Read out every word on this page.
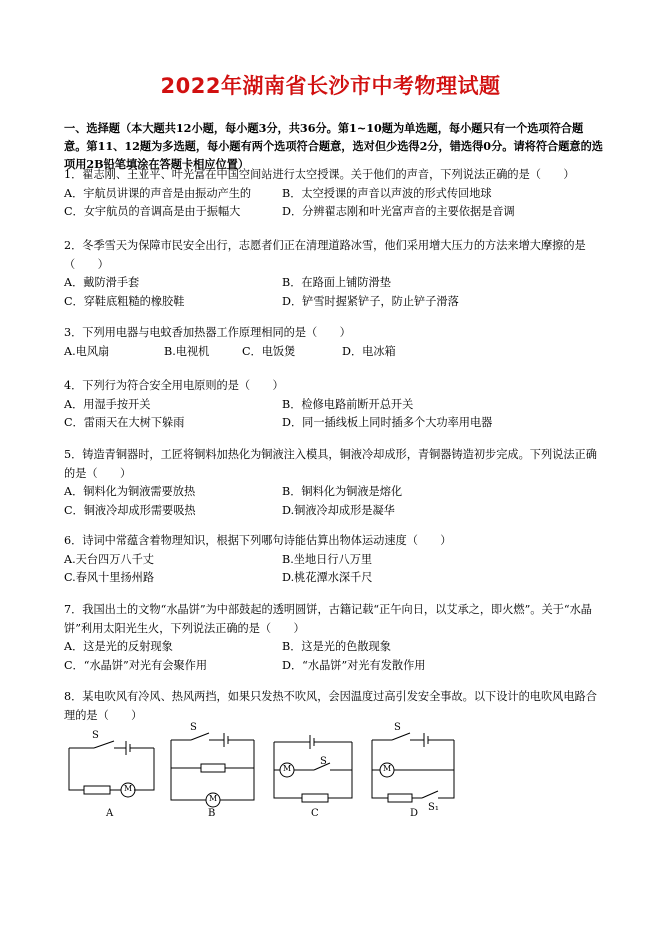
2022年湖南省长沙市中考物理试题
一、选择题（本大题共12小题，每小题3分，共36分。第1~10题为单选题，每小题只有一个选项符合题意。第11、12题为多选题，每小题有两个选项符合题意，选对但少选得2分，错选得0分。请将符合题意的选项用2B铅笔填涂在答题卡相应位置）
1．翟志刚、王亚平、叶光富在中国空间站进行太空授课。关于他们的声音，下列说法正确的是（　　）
A．宇航员讲课的声音是由振动产生的	B．太空授课的声音以声波的形式传回地球
C．女宇航员的音调高是由于振幅大	D．分辨翟志刚和叶光富声音的主要依据是音调
2．冬季雪天为保障市民安全出行，志愿者们正在清理道路冰雪，他们采用增大压力的方法来增大摩擦的是（　　）
A．戴防滑手套	B．在路面上铺防滑垫
C．穿鞋底粗糙的橡胶鞋	D．铲雪时握紧铲子，防止铲子滑落
3．下列用电器与电蚊香加热器工作原理相同的是（　　）
A.电风扇	B.电视机	C．电饭煲	D．电冰箱
4．下列行为符合安全用电原则的是（　　）
A．用湿手按开关	B．检修电路前断开总开关
C．雷雨天在大树下躲雨	D．同一插线板上同时插多个大功率用电器
5．铸造青铜器时，工匠将铜料加热化为铜液注入模具，铜液冷却成形，青铜器铸造初步完成。下列说法正确的是（　　）
A．铜料化为铜液需要放热	B．铜料化为铜液是熔化
C．铜液冷却成形需要吸热	D.铜液冷却成形是凝华
6．诗词中常蕴含着物理知识，根据下列哪句诗能估算出物体运动速度（　　）
A.天台四万八千丈	B.坐地日行八万里
C.春风十里扬州路	D.桃花潭水深千尺
7．我国出土的文物“水晶饼”为中部鼓起的透明圆饼，古籍记载“正午向日，以艾承之，即火燃”。关于“水晶饼”利用太阳光生火，下列说法正确的是（　　）
A．这是光的反射现象	B．这是光的色散现象
C．“水晶饼”对光有会聚作用	D．“水晶饼”对光有发散作用
8．某电吹风有冷风、热风两挡，如果只发热不吹风，会因温度过高引发安全事故。以下设计的电吹风电路合理的是（　　）
S
M
A
S
M
B
M
S
C
S
M
S₁
D
